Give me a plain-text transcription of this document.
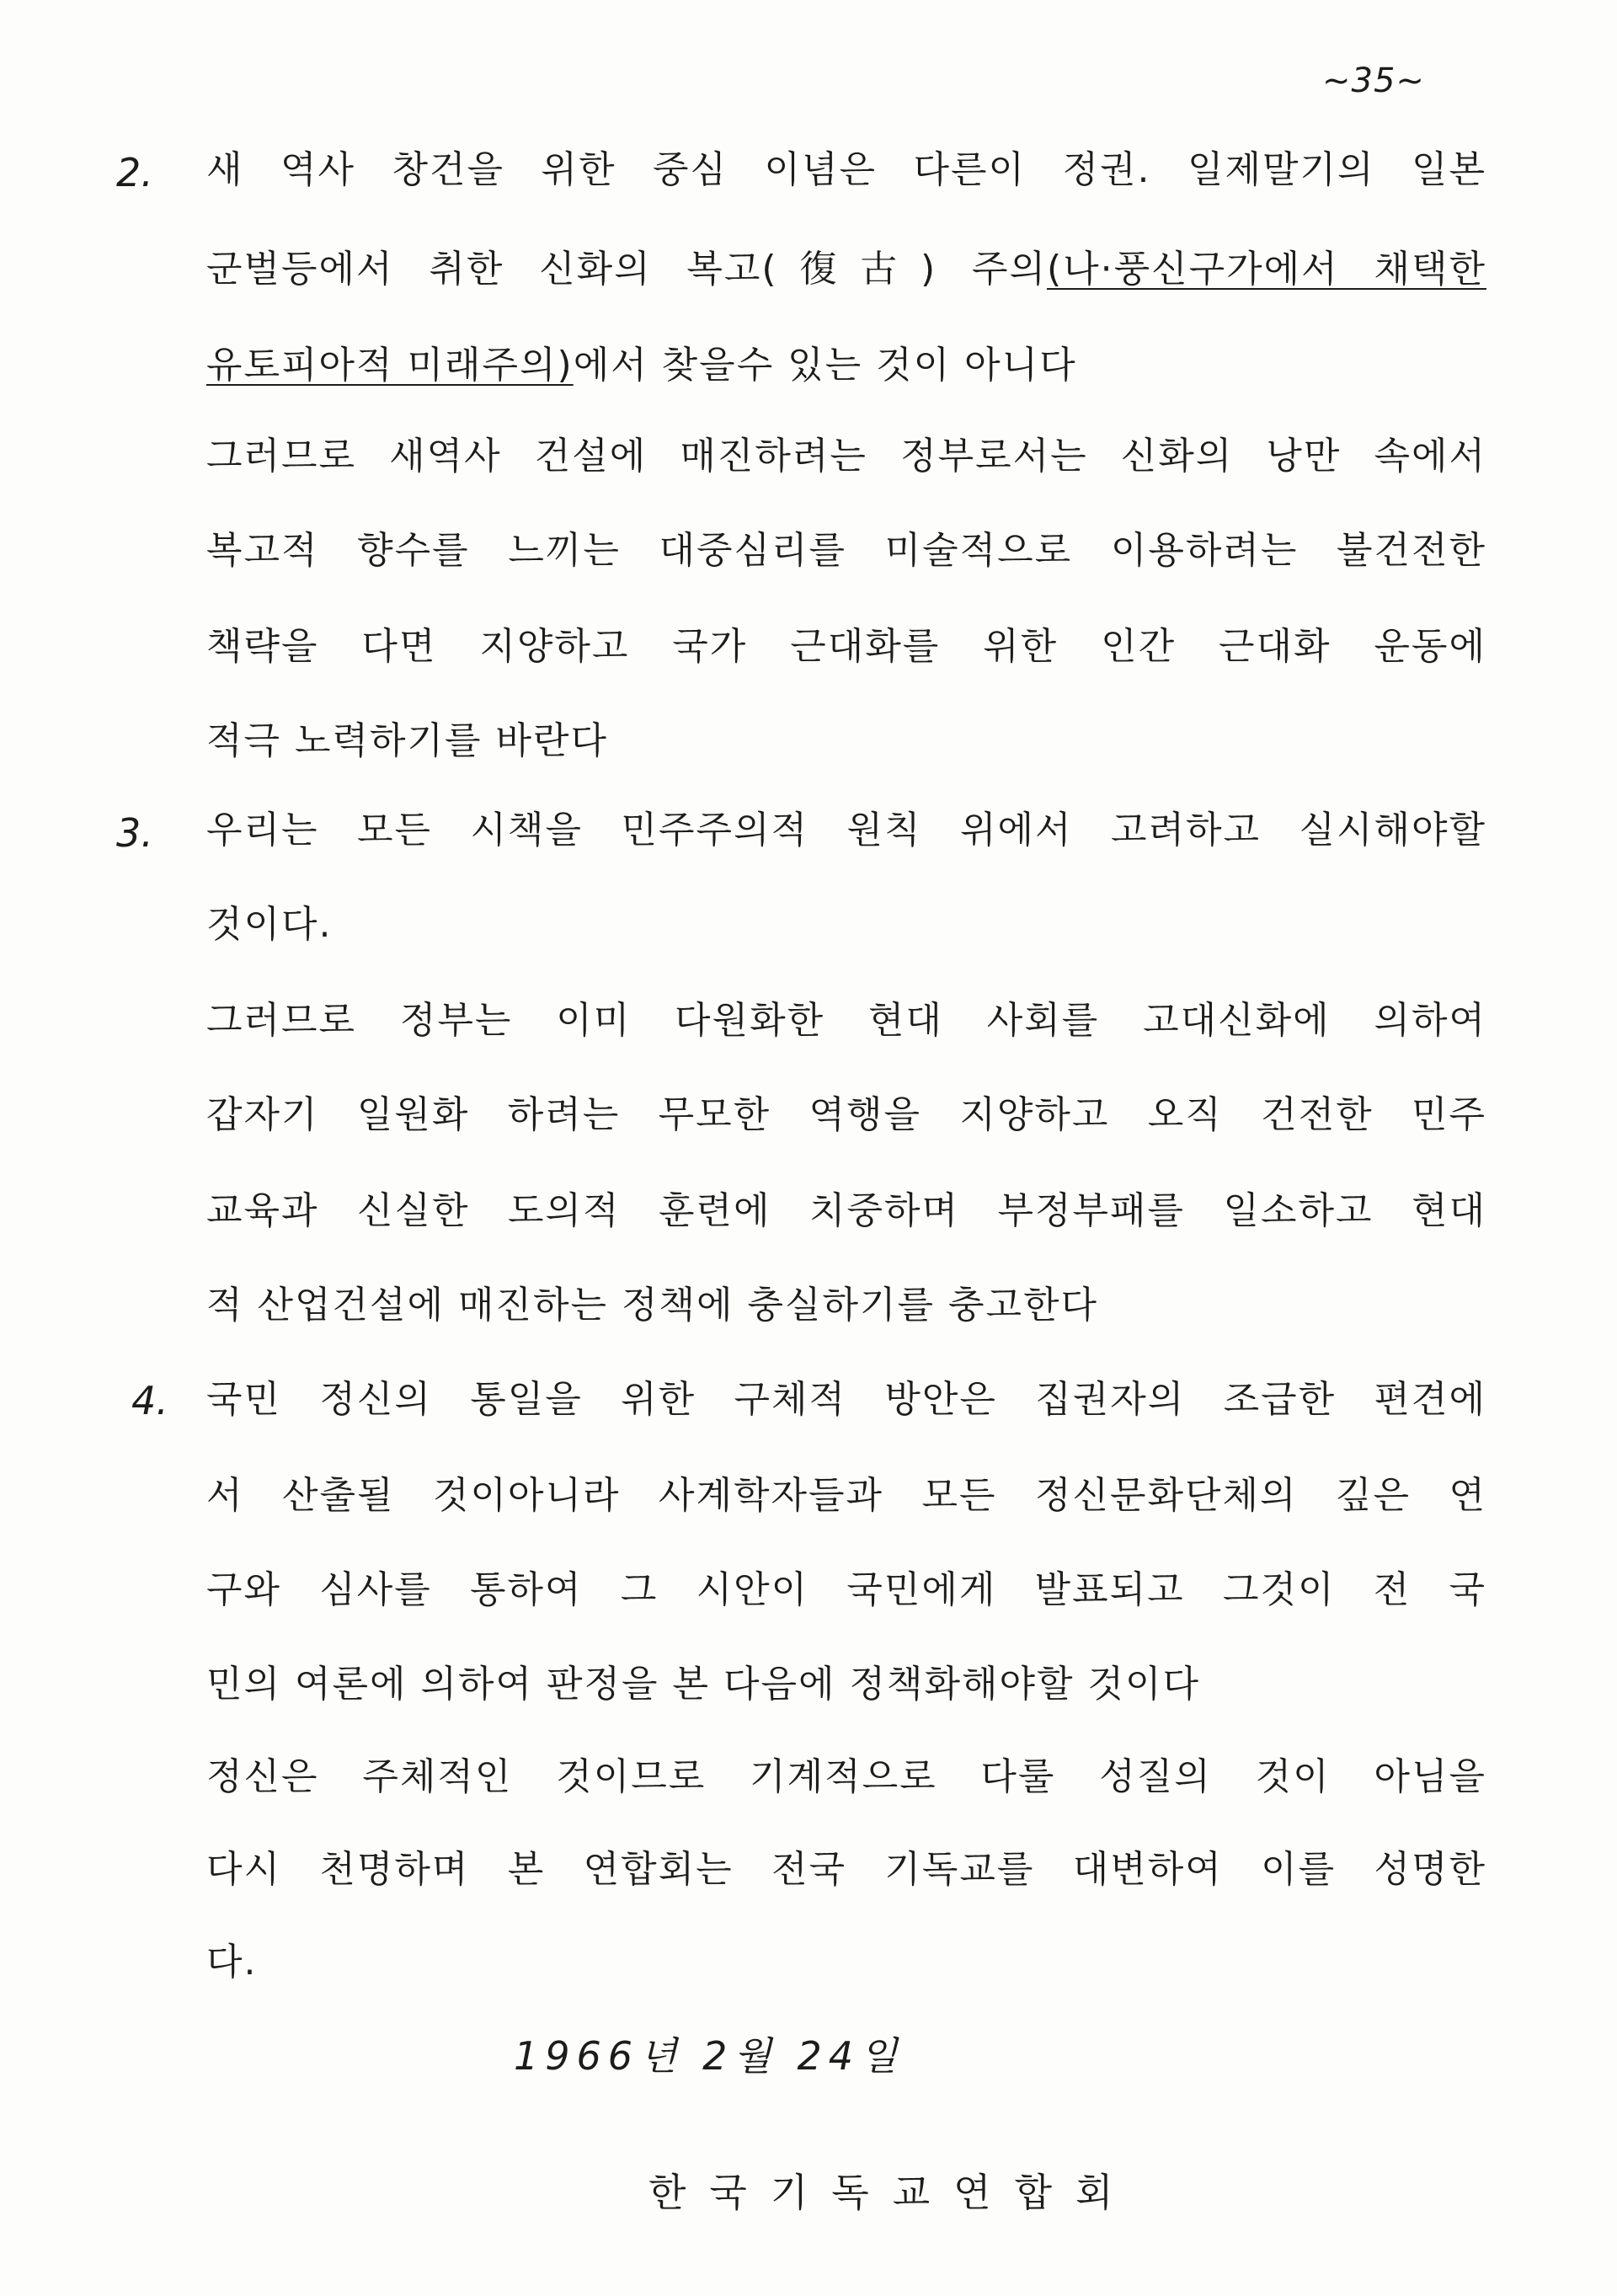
~35~
2. 새 역사 창건을 위한 중심 이념은 다른이 정권. 일제말기의 일본
군벌등에서 취한 신화의 복고(復古) 주의(나·풍신구가에서 채택한
유토피아적 미래주의)에서 찾을수 있는 것이 아니다
그러므로 새역사 건설에 매진하려는 정부로서는 신화의 낭만 속에서
복고적 향수를 느끼는 대중심리를 미술적으로 이용하려는 불건전한
책략을 다면 지양하고 국가 근대화를 위한 인간 근대화 운동에
적극 노력하기를 바란다
3. 우리는 모든 시책을 민주주의적 원칙 위에서 고려하고 실시해야할
것이다.
그러므로 정부는 이미 다원화한 현대 사회를 고대신화에 의하여
갑자기 일원화 하려는 무모한 역행을 지양하고 오직 건전한 민주
교육과 신실한 도의적 훈련에 치중하며 부정부패를 일소하고 현대
적 산업건설에 매진하는 정책에 충실하기를 충고한다
4. 국민 정신의 통일을 위한 구체적 방안은 집권자의 조급한 편견에
서 산출될 것이아니라 사계학자들과 모든 정신문화단체의 깊은 연
구와 심사를 통하여 그 시안이 국민에게 발표되고 그것이 전 국
민의 여론에 의하여 판정을 본 다음에 정책화해야할 것이다
정신은 주체적인 것이므로 기계적으로 다룰 성질의 것이 아님을
다시 천명하며 본 연합회는 전국 기독교를 대변하여 이를 성명한
다.
1966년 2월 24일
한국기독교연합회
